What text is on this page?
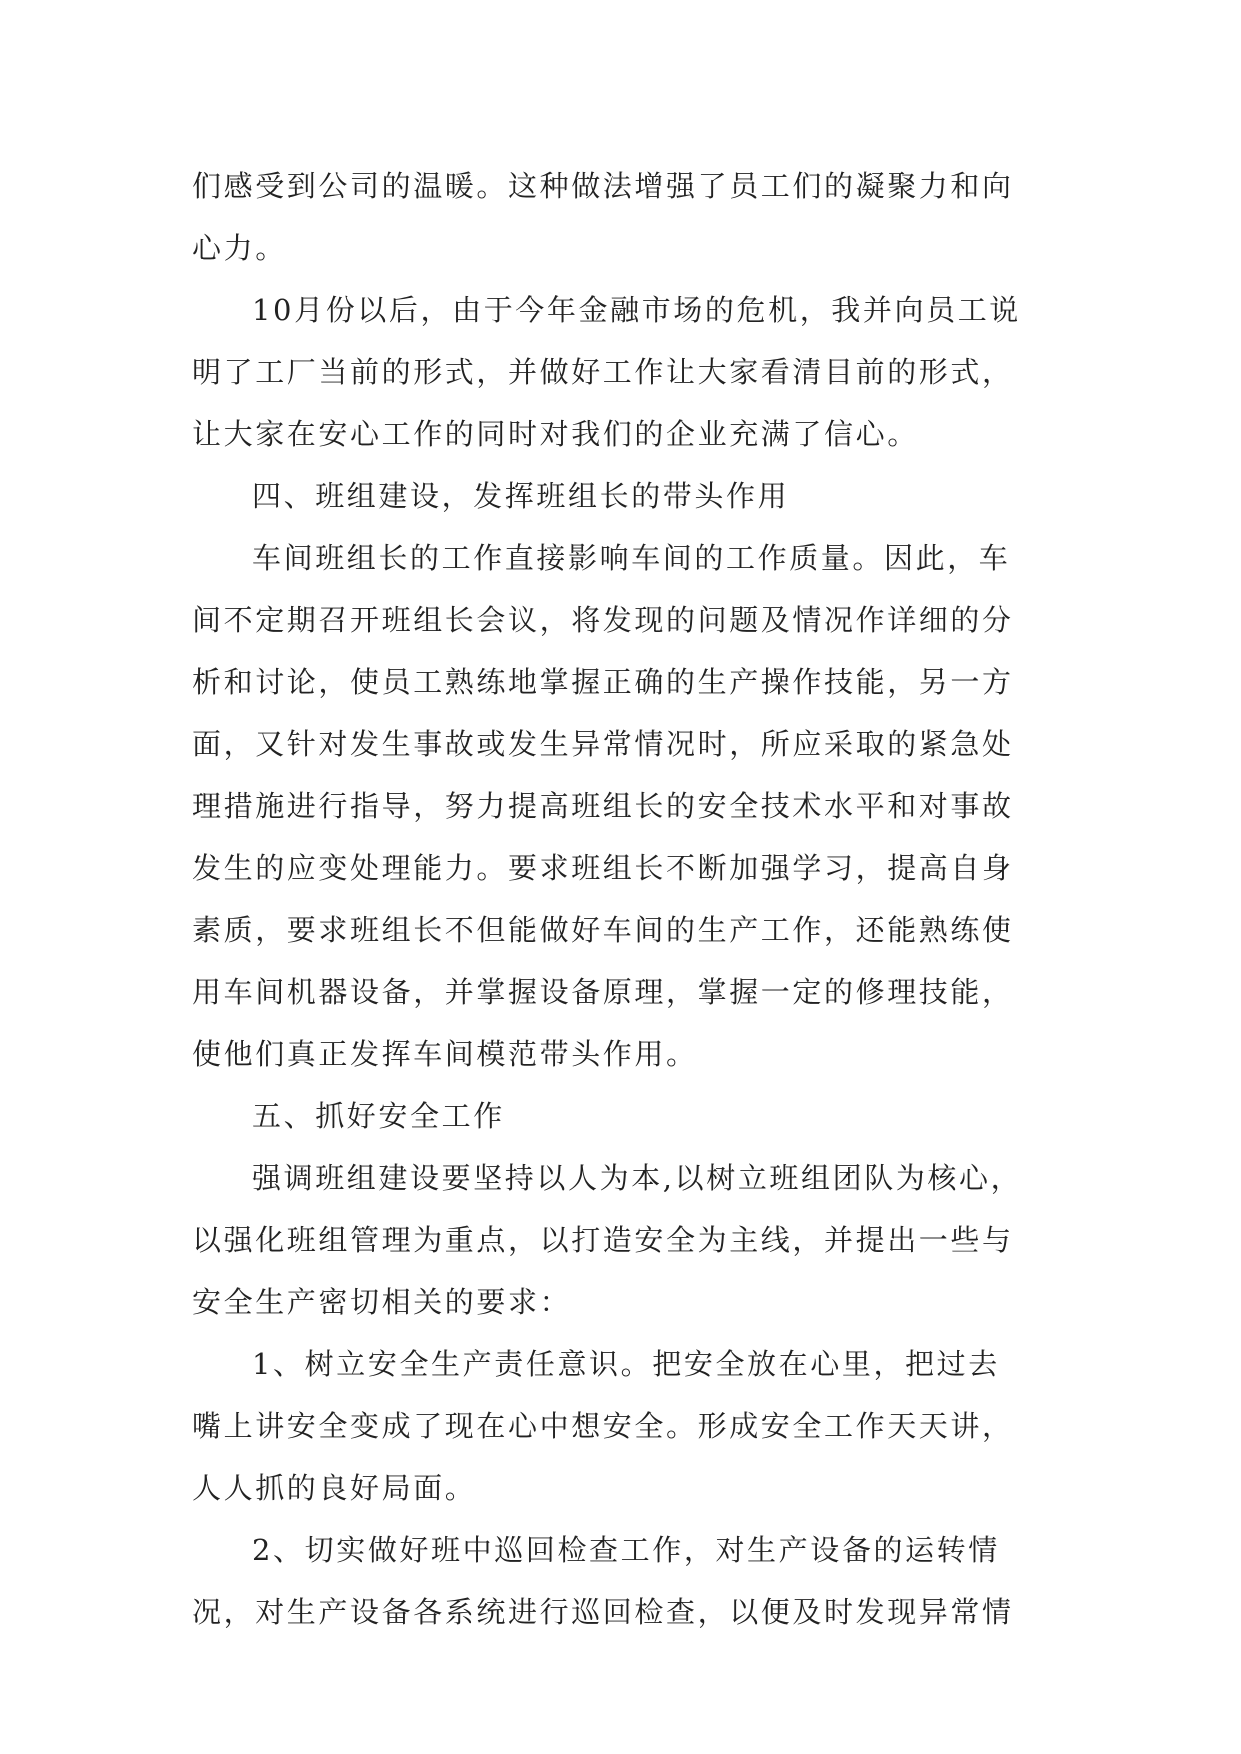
们感受到公司的温暖。这种做法增强了员工们的凝聚力和向
心力。
10月份以后，由于今年金融市场的危机，我并向员工说
明了工厂当前的形式，并做好工作让大家看清目前的形式，
让大家在安心工作的同时对我们的企业充满了信心。
四、班组建设，发挥班组长的带头作用
车间班组长的工作直接影响车间的工作质量。因此，车
间不定期召开班组长会议，将发现的问题及情况作详细的分
析和讨论，使员工熟练地掌握正确的生产操作技能，另一方
面，又针对发生事故或发生异常情况时，所应采取的紧急处
理措施进行指导，努力提高班组长的安全技术水平和对事故
发生的应变处理能力。要求班组长不断加强学习，提高自身
素质，要求班组长不但能做好车间的生产工作，还能熟练使
用车间机器设备，并掌握设备原理，掌握一定的修理技能，
使他们真正发挥车间模范带头作用。
五、抓好安全工作
强调班组建设要坚持以人为本,以树立班组团队为核心，
以强化班组管理为重点，以打造安全为主线，并提出一些与
安全生产密切相关的要求：
1、树立安全生产责任意识。把安全放在心里，把过去
嘴上讲安全变成了现在心中想安全。形成安全工作天天讲，
人人抓的良好局面。
2、切实做好班中巡回检查工作，对生产设备的运转情
况，对生产设备各系统进行巡回检查，以便及时发现异常情
